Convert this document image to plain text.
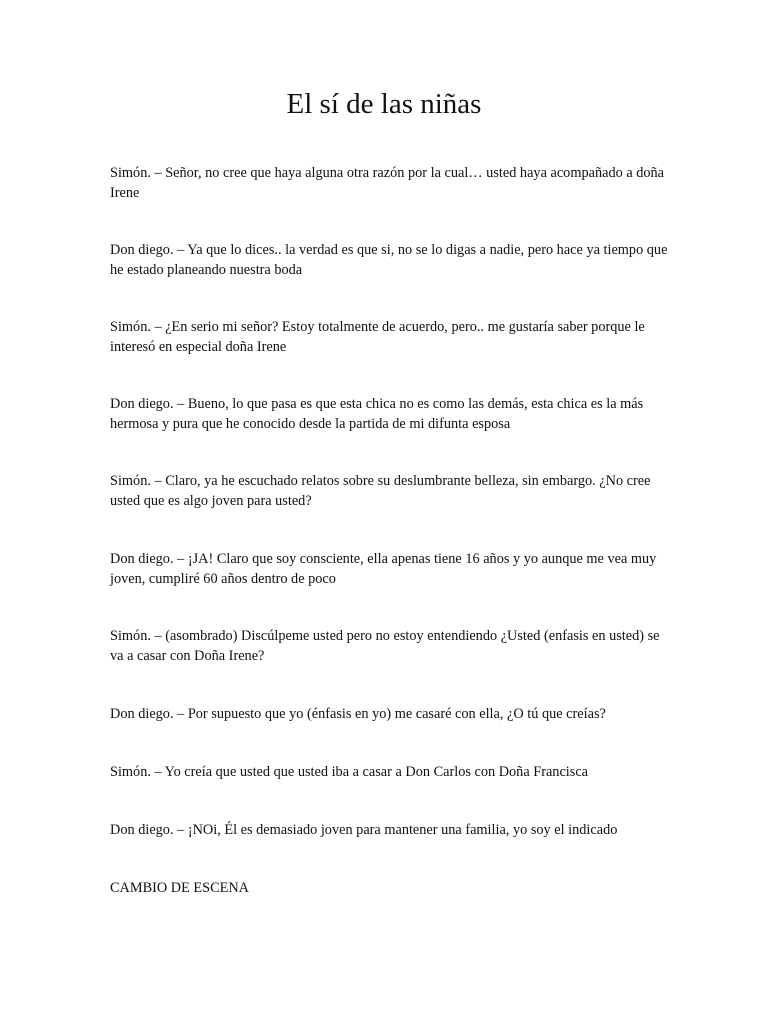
El sí de las niñas

Simón. – Señor, no cree que haya alguna otra razón por la cual… usted haya acompañado a doña Irene

Don diego. – Ya que lo dices.. la verdad es que si, no se lo digas a nadie, pero hace ya tiempo que he estado planeando nuestra boda

Simón. – ¿En serio mi señor? Estoy totalmente de acuerdo, pero.. me gustaría saber porque le interesó en especial doña Irene

Don diego. – Bueno, lo que pasa es que esta chica no es como las demás, esta chica es la más hermosa y pura que he conocido desde la partida de mi difunta esposa

Simón. – Claro, ya he escuchado relatos sobre su deslumbrante belleza, sin embargo. ¿No cree usted que es algo joven para usted?

Don diego. – ¡JA! Claro que soy consciente, ella apenas tiene 16 años y yo aunque me vea muy joven, cumpliré 60 años dentro de poco

Simón. – (asombrado) Discúlpeme usted pero no estoy entendiendo ¿Usted (enfasis en usted) se va a casar con Doña Irene?

Don diego. – Por supuesto que yo (énfasis en yo) me casaré con ella, ¿O tú que creías?

Simón. – Yo creía que usted que usted iba a casar a Don Carlos con Doña Francisca

Don diego. – ¡NOi, Él es demasiado joven para mantener una familia, yo soy el indicado

CAMBIO DE ESCENA
